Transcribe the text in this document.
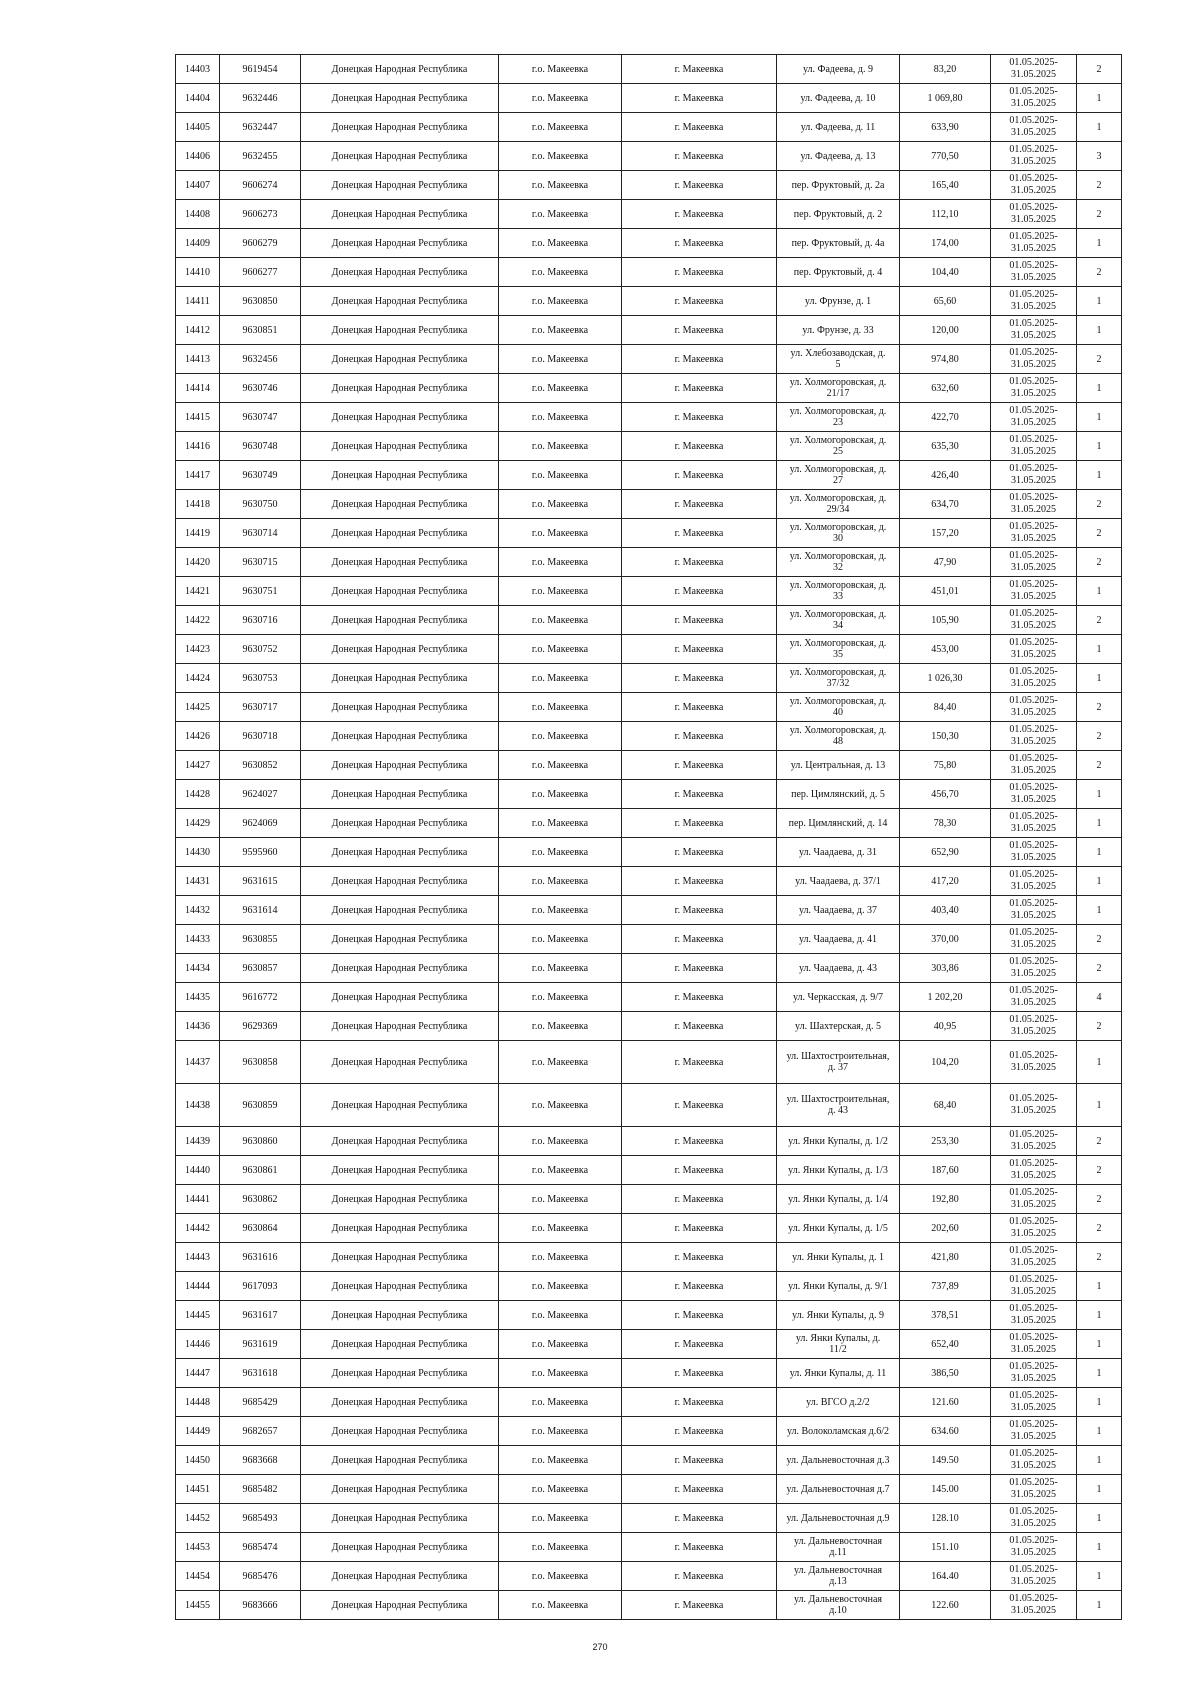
14403	9619454	Донецкая Народная Республика	г.о. Макеевка	г. Макеевка	ул. Фадеева, д. 9	83,20	01.05.2025-
31.05.2025	2
14404	9632446	Донецкая Народная Республика	г.о. Макеевка	г. Макеевка	ул. Фадеева, д. 10	1 069,80	01.05.2025-
31.05.2025	1
14405	9632447	Донецкая Народная Республика	г.о. Макеевка	г. Макеевка	ул. Фадеева, д. 11	633,90	01.05.2025-
31.05.2025	1
14406	9632455	Донецкая Народная Республика	г.о. Макеевка	г. Макеевка	ул. Фадеева, д. 13	770,50	01.05.2025-
31.05.2025	3
14407	9606274	Донецкая Народная Республика	г.о. Макеевка	г. Макеевка	пер. Фруктовый, д. 2а	165,40	01.05.2025-
31.05.2025	2
14408	9606273	Донецкая Народная Республика	г.о. Макеевка	г. Макеевка	пер. Фруктовый, д. 2	112,10	01.05.2025-
31.05.2025	2
14409	9606279	Донецкая Народная Республика	г.о. Макеевка	г. Макеевка	пер. Фруктовый, д. 4а	174,00	01.05.2025-
31.05.2025	1
14410	9606277	Донецкая Народная Республика	г.о. Макеевка	г. Макеевка	пер. Фруктовый, д. 4	104,40	01.05.2025-
31.05.2025	2
14411	9630850	Донецкая Народная Республика	г.о. Макеевка	г. Макеевка	ул. Фрунзе, д. 1	65,60	01.05.2025-
31.05.2025	1
14412	9630851	Донецкая Народная Республика	г.о. Макеевка	г. Макеевка	ул. Фрунзе, д. 33	120,00	01.05.2025-
31.05.2025	1
14413	9632456	Донецкая Народная Республика	г.о. Макеевка	г. Макеевка	ул. Хлебозаводская, д.
5	974,80	01.05.2025-
31.05.2025	2
14414	9630746	Донецкая Народная Республика	г.о. Макеевка	г. Макеевка	ул. Холмогоровская, д.
21/17	632,60	01.05.2025-
31.05.2025	1
14415	9630747	Донецкая Народная Республика	г.о. Макеевка	г. Макеевка	ул. Холмогоровская, д.
23	422,70	01.05.2025-
31.05.2025	1
14416	9630748	Донецкая Народная Республика	г.о. Макеевка	г. Макеевка	ул. Холмогоровская, д.
25	635,30	01.05.2025-
31.05.2025	1
14417	9630749	Донецкая Народная Республика	г.о. Макеевка	г. Макеевка	ул. Холмогоровская, д.
27	426,40	01.05.2025-
31.05.2025	1
14418	9630750	Донецкая Народная Республика	г.о. Макеевка	г. Макеевка	ул. Холмогоровская, д.
29/34	634,70	01.05.2025-
31.05.2025	2
14419	9630714	Донецкая Народная Республика	г.о. Макеевка	г. Макеевка	ул. Холмогоровская, д.
30	157,20	01.05.2025-
31.05.2025	2
14420	9630715	Донецкая Народная Республика	г.о. Макеевка	г. Макеевка	ул. Холмогоровская, д.
32	47,90	01.05.2025-
31.05.2025	2
14421	9630751	Донецкая Народная Республика	г.о. Макеевка	г. Макеевка	ул. Холмогоровская, д.
33	451,01	01.05.2025-
31.05.2025	1
14422	9630716	Донецкая Народная Республика	г.о. Макеевка	г. Макеевка	ул. Холмогоровская, д.
34	105,90	01.05.2025-
31.05.2025	2
14423	9630752	Донецкая Народная Республика	г.о. Макеевка	г. Макеевка	ул. Холмогоровская, д.
35	453,00	01.05.2025-
31.05.2025	1
14424	9630753	Донецкая Народная Республика	г.о. Макеевка	г. Макеевка	ул. Холмогоровская, д.
37/32	1 026,30	01.05.2025-
31.05.2025	1
14425	9630717	Донецкая Народная Республика	г.о. Макеевка	г. Макеевка	ул. Холмогоровская, д.
40	84,40	01.05.2025-
31.05.2025	2
14426	9630718	Донецкая Народная Республика	г.о. Макеевка	г. Макеевка	ул. Холмогоровская, д.
48	150,30	01.05.2025-
31.05.2025	2
14427	9630852	Донецкая Народная Республика	г.о. Макеевка	г. Макеевка	ул. Центральная, д. 13	75,80	01.05.2025-
31.05.2025	2
14428	9624027	Донецкая Народная Республика	г.о. Макеевка	г. Макеевка	пер. Цимлянский, д. 5	456,70	01.05.2025-
31.05.2025	1
14429	9624069	Донецкая Народная Республика	г.о. Макеевка	г. Макеевка	пер. Цимлянский, д. 14	78,30	01.05.2025-
31.05.2025	1
14430	9595960	Донецкая Народная Республика	г.о. Макеевка	г. Макеевка	ул. Чаадаева, д. 31	652,90	01.05.2025-
31.05.2025	1
14431	9631615	Донецкая Народная Республика	г.о. Макеевка	г. Макеевка	ул. Чаадаева, д. 37/1	417,20	01.05.2025-
31.05.2025	1
14432	9631614	Донецкая Народная Республика	г.о. Макеевка	г. Макеевка	ул. Чаадаева, д. 37	403,40	01.05.2025-
31.05.2025	1
14433	9630855	Донецкая Народная Республика	г.о. Макеевка	г. Макеевка	ул. Чаадаева, д. 41	370,00	01.05.2025-
31.05.2025	2
14434	9630857	Донецкая Народная Республика	г.о. Макеевка	г. Макеевка	ул. Чаадаева, д. 43	303,86	01.05.2025-
31.05.2025	2
14435	9616772	Донецкая Народная Республика	г.о. Макеевка	г. Макеевка	ул. Черкасская, д. 9/7	1 202,20	01.05.2025-
31.05.2025	4
14436	9629369	Донецкая Народная Республика	г.о. Макеевка	г. Макеевка	ул. Шахтерская, д. 5	40,95	01.05.2025-
31.05.2025	2
14437	9630858	Донецкая Народная Республика	г.о. Макеевка	г. Макеевка	ул. Шахтостроительная,
д. 37	104,20	01.05.2025-
31.05.2025	1
14438	9630859	Донецкая Народная Республика	г.о. Макеевка	г. Макеевка	ул. Шахтостроительная,
д. 43	68,40	01.05.2025-
31.05.2025	1
14439	9630860	Донецкая Народная Республика	г.о. Макеевка	г. Макеевка	ул. Янки Купалы, д. 1/2	253,30	01.05.2025-
31.05.2025	2
14440	9630861	Донецкая Народная Республика	г.о. Макеевка	г. Макеевка	ул. Янки Купалы, д. 1/3	187,60	01.05.2025-
31.05.2025	2
14441	9630862	Донецкая Народная Республика	г.о. Макеевка	г. Макеевка	ул. Янки Купалы, д. 1/4	192,80	01.05.2025-
31.05.2025	2
14442	9630864	Донецкая Народная Республика	г.о. Макеевка	г. Макеевка	ул. Янки Купалы, д. 1/5	202,60	01.05.2025-
31.05.2025	2
14443	9631616	Донецкая Народная Республика	г.о. Макеевка	г. Макеевка	ул. Янки Купалы, д. 1	421,80	01.05.2025-
31.05.2025	2
14444	9617093	Донецкая Народная Республика	г.о. Макеевка	г. Макеевка	ул. Янки Купалы, д. 9/1	737,89	01.05.2025-
31.05.2025	1
14445	9631617	Донецкая Народная Республика	г.о. Макеевка	г. Макеевка	ул. Янки Купалы, д. 9	378,51	01.05.2025-
31.05.2025	1
14446	9631619	Донецкая Народная Республика	г.о. Макеевка	г. Макеевка	ул. Янки Купалы, д.
11/2	652,40	01.05.2025-
31.05.2025	1
14447	9631618	Донецкая Народная Республика	г.о. Макеевка	г. Макеевка	ул. Янки Купалы, д. 11	386,50	01.05.2025-
31.05.2025	1
14448	9685429	Донецкая Народная Республика	г.о. Макеевка	г. Макеевка	ул. ВГСО д.2/2	121.60	01.05.2025-
31.05.2025	1
14449	9682657	Донецкая Народная Республика	г.о. Макеевка	г. Макеевка	ул. Волоколамская д.6/2	634.60	01.05.2025-
31.05.2025	1
14450	9683668	Донецкая Народная Республика	г.о. Макеевка	г. Макеевка	ул. Дальневосточная д.3	149.50	01.05.2025-
31.05.2025	1
14451	9685482	Донецкая Народная Республика	г.о. Макеевка	г. Макеевка	ул. Дальневосточная д.7	145.00	01.05.2025-
31.05.2025	1
14452	9685493	Донецкая Народная Республика	г.о. Макеевка	г. Макеевка	ул. Дальневосточная д.9	128.10	01.05.2025-
31.05.2025	1
14453	9685474	Донецкая Народная Республика	г.о. Макеевка	г. Макеевка	ул. Дальневосточная
д.11	151.10	01.05.2025-
31.05.2025	1
14454	9685476	Донецкая Народная Республика	г.о. Макеевка	г. Макеевка	ул. Дальневосточная
д.13	164.40	01.05.2025-
31.05.2025	1
14455	9683666	Донецкая Народная Республика	г.о. Макеевка	г. Макеевка	ул. Дальневосточная
д.10	122.60	01.05.2025-
31.05.2025	1
270
